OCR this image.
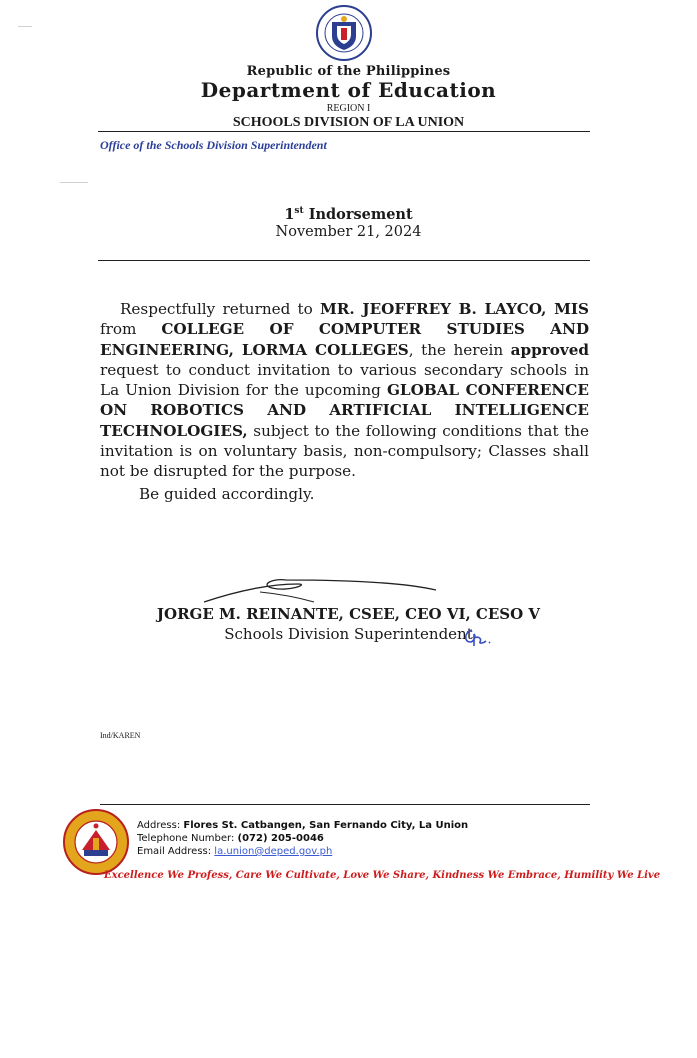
Republic of the Philippines
Department of Education
REGION I
SCHOOLS DIVISION OF LA UNION
Office of the Schools Division Superintendent
1st Indorsement
November 21, 2024

Respectfully returned to MR. JEOFFREY B. LAYCO, MIS from COLLEGE OF COMPUTER STUDIES AND ENGINEERING, LORMA COLLEGES, the herein approved request to conduct invitation to various secondary schools in La Union Division for the upcoming GLOBAL CONFERENCE ON ROBOTICS AND ARTIFICIAL INTELLIGENCE TECHNOLOGIES, subject to the following conditions that the invitation is on voluntary basis, non-compulsory; Classes shall not be disrupted for the purpose.

Be guided accordingly.
JORGE M. REINANTE, CSEE, CEO VI, CESO V
Schools Division Superintendent
Ind/KAREN
Address: Flores St. Catbangen, San Fernando City, La Union
Telephone Number: (072) 205-0046
Email Address: la.union@deped.gov.ph
Excellence We Profess, Care We Cultivate, Love We Share, Kindness We Embrace, Humility We Live
